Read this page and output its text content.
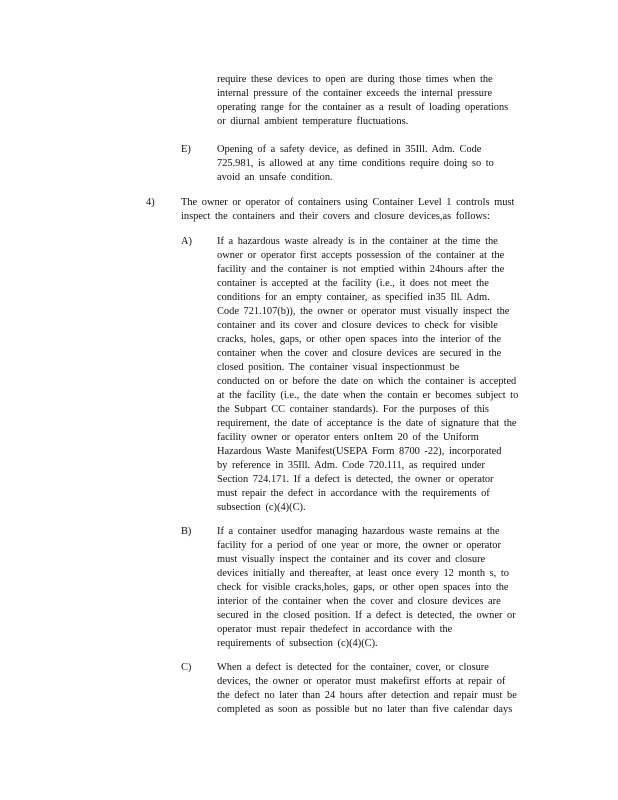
require these devices to open are during those times when the
internal pressure of the container exceeds the internal pressure
operating range for the container as a result of loading operations
or diurnal ambient temperature fluctuations.
E)	Opening of a safety device, as defined in 35Ill. Adm. Code
725.981, is allowed at any time conditions require doing so to
avoid an unsafe condition.
4)	The owner or operator of containers using Container Level 1 controls must
inspect the containers and their covers and closure devices,as follows:
A) If a hazardous waste already is in the container at the time the
owner or operator first accepts possession of the container at the
facility and the container is not emptied within 24hours after the
container is accepted at the facility (i.e., it does not meet the
conditions for an empty container, as specified in35 Ill. Adm.
Code 721.107(b)), the owner or operator must visually inspect the
container and its cover and closure devices to check for visible
cracks, holes, gaps, or other open spaces into the interior of the
container when the cover and closure devices are secured in the
closed position. The container visual inspectionmust be
conducted on or before the date on which the container is accepted
at the facility (i.e., the date when the contain er becomes subject to
the Subpart CC container standards). For the purposes of this
requirement, the date of acceptance is the date of signature that the
facility owner or operator enters onItem 20 of the Uniform
Hazardous Waste Manifest(USEPA Form 8700 -22), incorporated
by reference in 35Ill. Adm. Code 720.111, as required under
Section 724.171. If a defect is detected, the owner or operator
must repair the defect in accordance with the requirements of
subsection (c)(4)(C).
B) If a container usedfor managing hazardous waste remains at the
facility for a period of one year or more, the owner or operator
must visually inspect the container and its cover and closure
devices initially and thereafter, at least once every 12 month s, to
check for visible cracks,holes, gaps, or other open spaces into the
interior of the container when the cover and closure devices are
secured in the closed position. If a defect is detected, the owner or
operator must repair thedefect in accordance with the
requirements of subsection (c)(4)(C).
C) When a defect is detected for the container, cover, or closure
devices, the owner or operator must makefirst efforts at repair of
the defect no later than 24 hours after detection and repair must be
completed as soon as possible but no later than five calendar days
